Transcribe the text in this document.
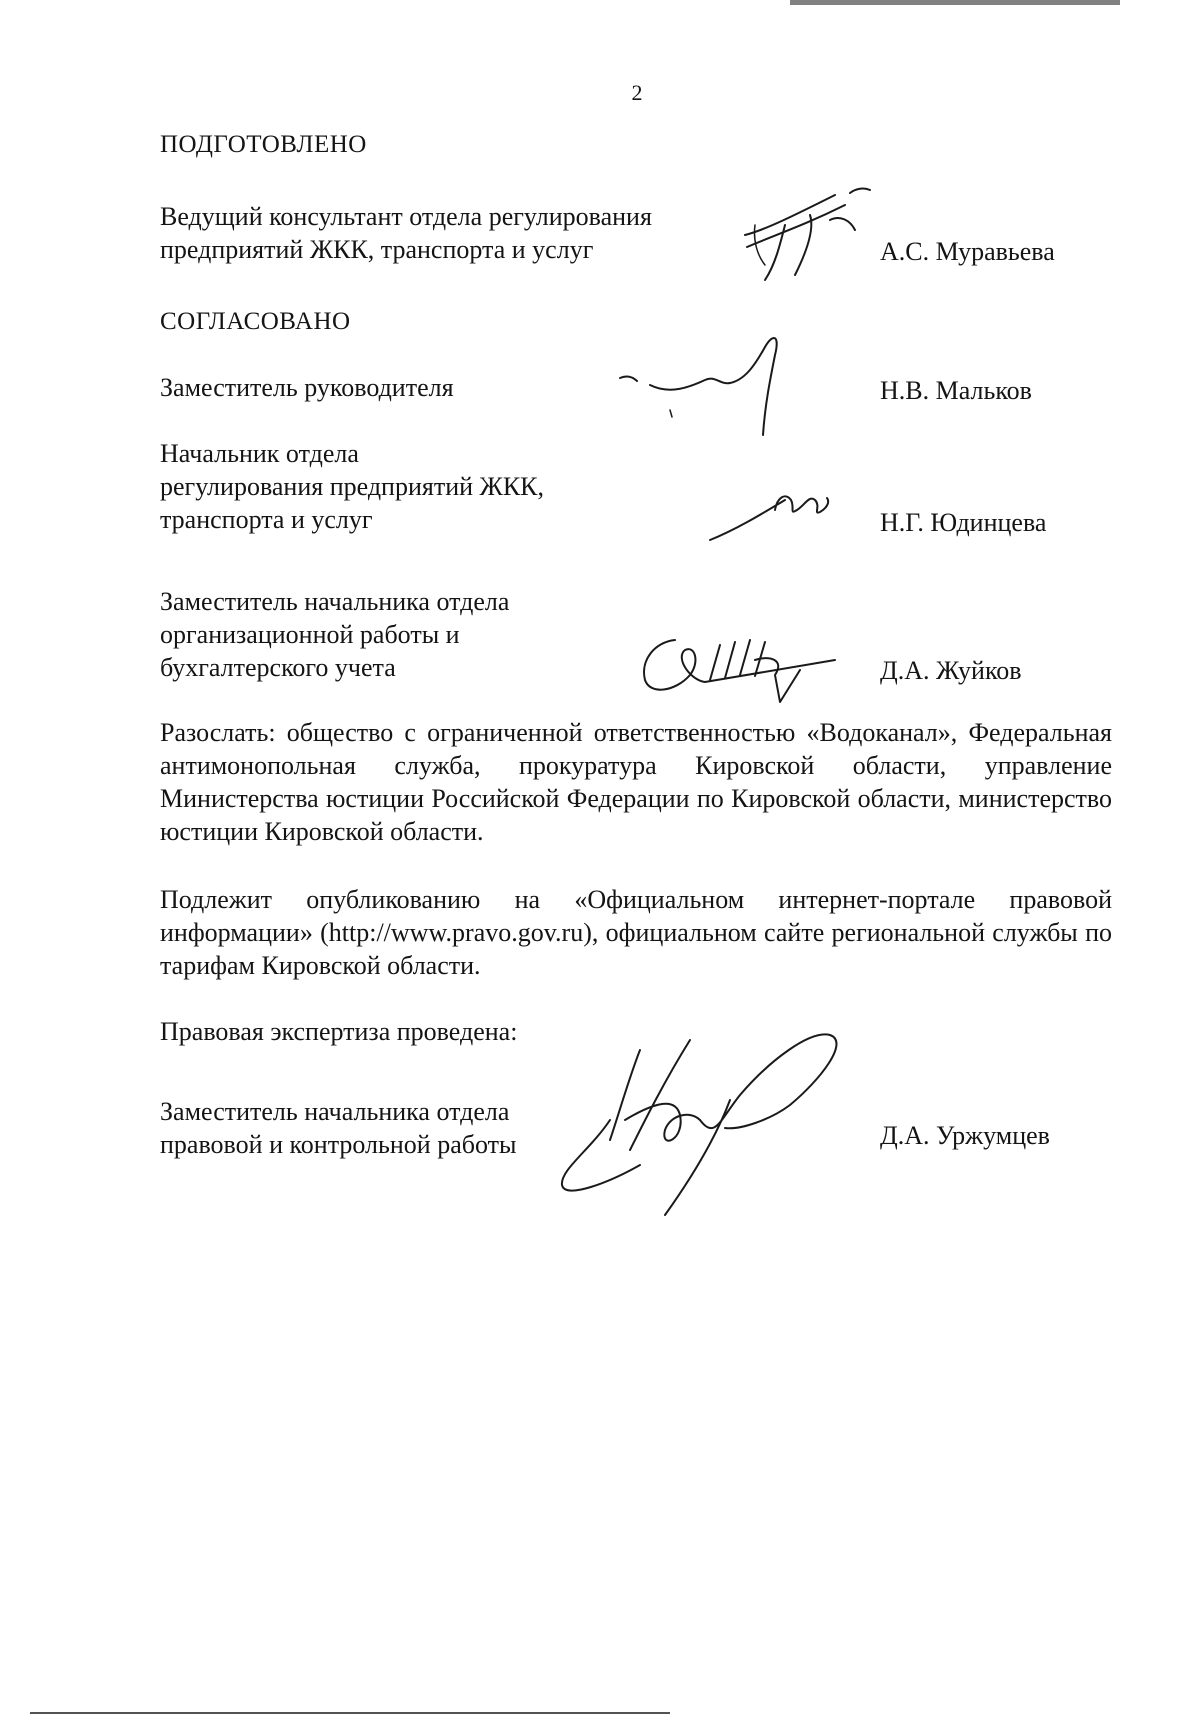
2
ПОДГОТОВЛЕНО
Ведущий консультант отдела регулирования
предприятий ЖКК, транспорта и услуг	А.С. Муравьева
СОГЛАСОВАНО
Заместитель руководителя	Н.В. Мальков
Начальник отдела
регулирования предприятий ЖКК,
транспорта и услуг	Н.Г. Юдинцева
Заместитель начальника отдела
организационной работы и
бухгалтерского учета	Д.А. Жуйков
Разослать: общество с ограниченной ответственностью «Водоканал», Федеральная антимонопольная служба, прокуратура Кировской области, управление Министерства юстиции Российской Федерации по Кировской области, министерство юстиции Кировской области.
Подлежит опубликованию на «Официальном интернет-портале правовой информации» (http://www.pravo.gov.ru), официальном сайте региональной службы по тарифам Кировской области.
Правовая экспертиза проведена:
Заместитель начальника отдела
правовой и контрольной работы	Д.А. Уржумцев
